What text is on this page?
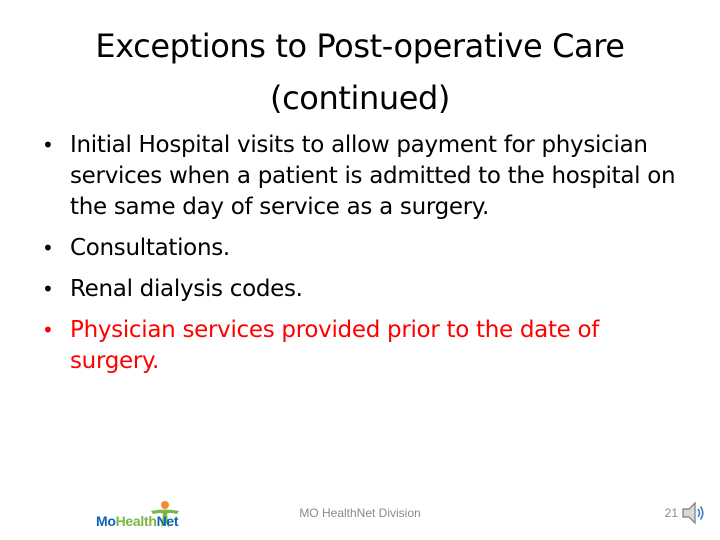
Exceptions to Post-operative Care
(continued)
• Initial Hospital visits to allow payment for physician services when a patient is admitted to the hospital on the same day of service as a surgery.
• Consultations.
• Renal dialysis codes.
• Physician services provided prior to the date of surgery.
MoHealthNet	MO HealthNet Division	21
